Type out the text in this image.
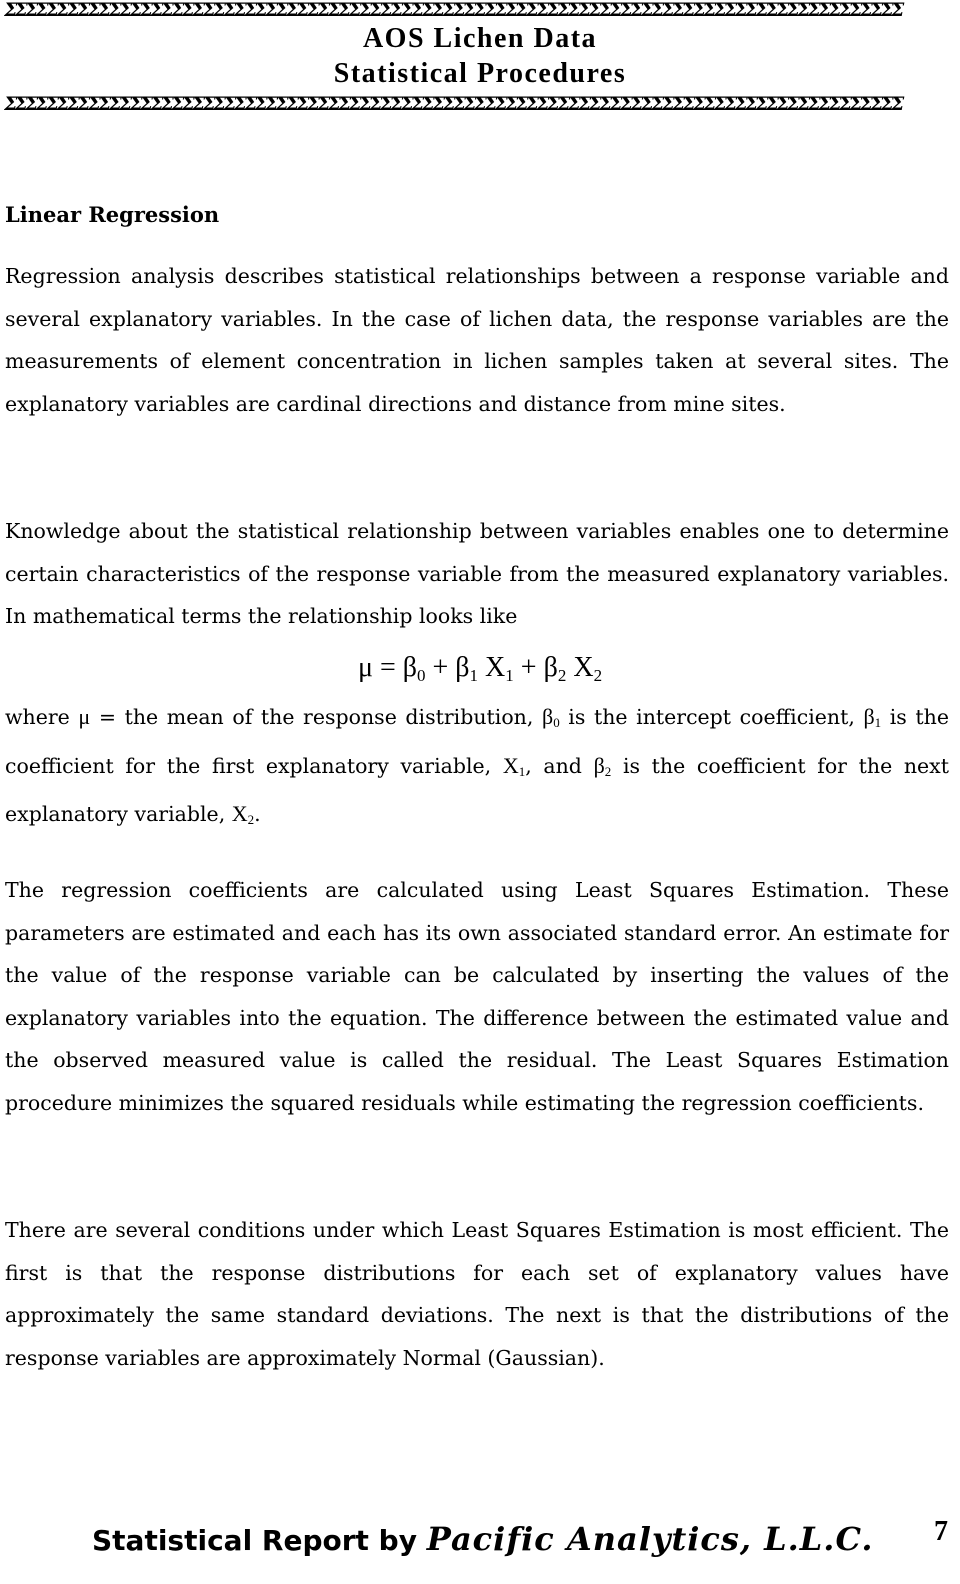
ΣΣΣΣΣΣΣΣΣΣΣΣΣΣΣΣΣΣΣΣΣΣΣΣΣΣΣΣΣΣΣΣΣΣΣΣΣΣΣΣΣΣΣΣΣΣΣΣΣΣΣΣΣΣΣΣΣΣΣΣΣΣΣΣΣΣΣΣΣΣΣΣΣΣΣΣΣΣΣΣΣΣΣΣΣΣ
AOS Lichen Data
Statistical Procedures
ΣΣΣΣΣΣΣΣΣΣΣΣΣΣΣΣΣΣΣΣΣΣΣΣΣΣΣΣΣΣΣΣΣΣΣΣΣΣΣΣΣΣΣΣΣΣΣΣΣΣΣΣΣΣΣΣΣΣΣΣΣΣΣΣΣΣΣΣΣΣΣΣΣΣΣΣΣΣΣΣΣΣΣΣΣΣ
Linear Regression

Regression analysis describes statistical relationships between a response variable and several explanatory variables. In the case of lichen data, the response variables are the measurements of element concentration in lichen samples taken at several sites. The explanatory variables are cardinal directions and distance from mine sites.

Knowledge about the statistical relationship between variables enables one to determine certain characteristics of the response variable from the measured explanatory variables. In mathematical terms the relationship looks like

$\mu = \beta_0 + \beta_1$ $X_1 + \beta_2$ $X_2$

where μ = the mean of the response distribution, $\beta_0$ is the intercept coefficient, $\beta_1$ is the coefficient for the first explanatory variable, $X_1$, and $\beta_2$ is the coefficient for the next explanatory variable, $X_2$.

The regression coefficients are calculated using Least Squares Estimation. These parameters are estimated and each has its own associated standard error. An estimate for the value of the response variable can be calculated by inserting the values of the explanatory variables into the equation. The difference between the estimated value and the observed measured value is called the residual. The Least Squares Estimation procedure minimizes the squared residuals while estimating the regression coefficients.

There are several conditions under which Least Squares Estimation is most efficient. The first is that the response distributions for each set of explanatory values have approximately the same standard deviations. The next is that the distributions of the response variables are approximately Normal (Gaussian).

Statistical Report by Pacific Analytics, L.L.C. 7
